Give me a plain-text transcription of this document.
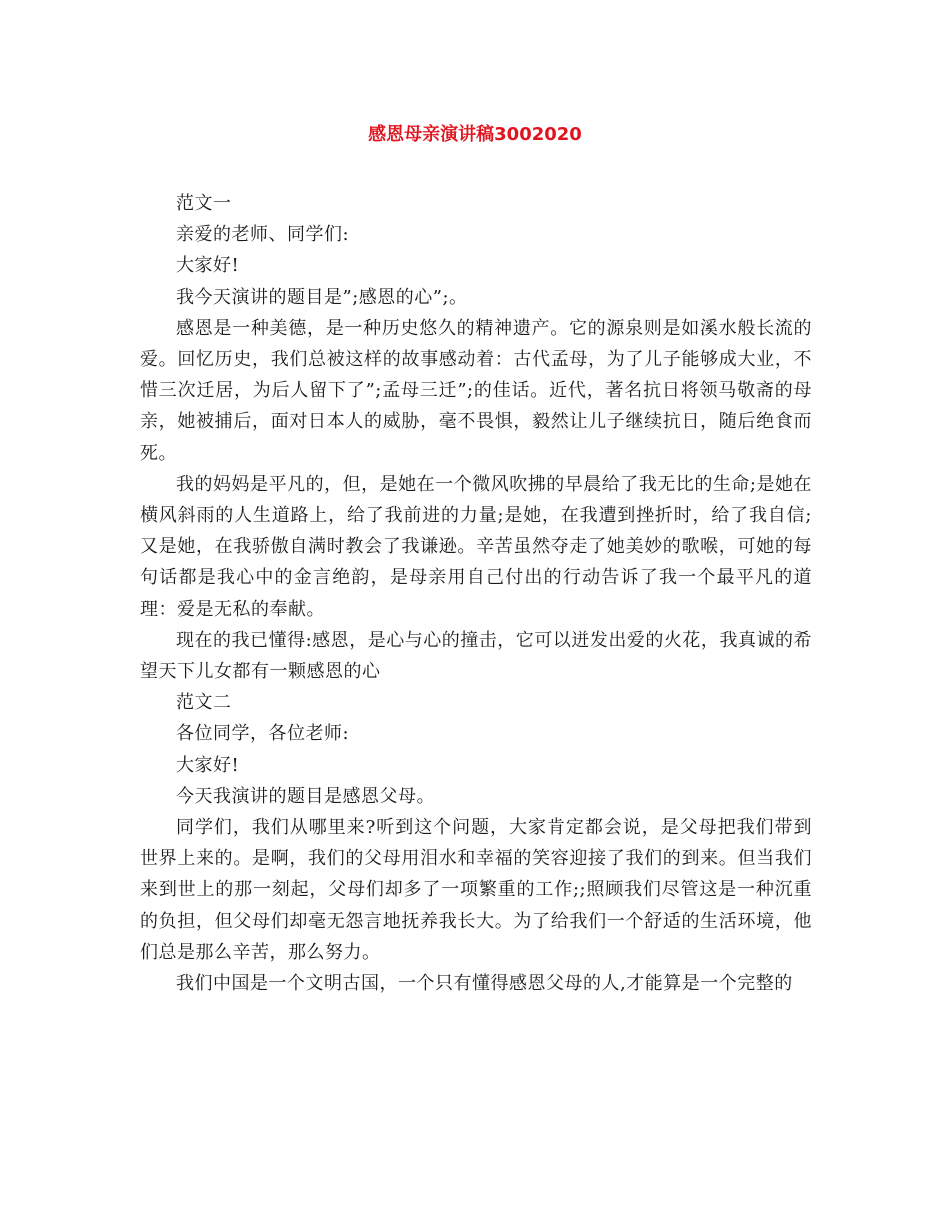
感恩母亲演讲稿3002020

范文一

亲爱的老师、同学们:

大家好!

我今天演讲的题目是”;感恩的心”;。

感恩是一种美德，是一种历史悠久的精神遗产。它的源泉则是如溪水般长流的爱。回忆历史，我们总被这样的故事感动着：古代孟母，为了儿子能够成大业，不惜三次迁居，为后人留下了”;孟母三迁”;的佳话。近代，著名抗日将领马敬斋的母亲，她被捕后，面对日本人的威胁，毫不畏惧，毅然让儿子继续抗日，随后绝食而死。

我的妈妈是平凡的，但，是她在一个微风吹拂的早晨给了我无比的生命;是她在横风斜雨的人生道路上，给了我前进的力量;是她，在我遭到挫折时，给了我自信;又是她，在我骄傲自满时教会了我谦逊。辛苦虽然夺走了她美妙的歌喉，可她的每句话都是我心中的金言绝韵，是母亲用自己付出的行动告诉了我一个最平凡的道理：爱是无私的奉献。

现在的我已懂得:感恩，是心与心的撞击，它可以迸发出爱的火花，我真诚的希望天下儿女都有一颗感恩的心

范文二

各位同学，各位老师:

大家好!

今天我演讲的题目是感恩父母。

同学们，我们从哪里来?听到这个问题，大家肯定都会说，是父母把我们带到世界上来的。是啊，我们的父母用泪水和幸福的笑容迎接了我们的到来。但当我们来到世上的那一刻起，父母们却多了一项繁重的工作;;照顾我们尽管这是一种沉重的负担，但父母们却毫无怨言地抚养我长大。为了给我们一个舒适的生活环境，他们总是那么辛苦，那么努力。

我们中国是一个文明古国，一个只有懂得感恩父母的人,才能算是一个完整的
